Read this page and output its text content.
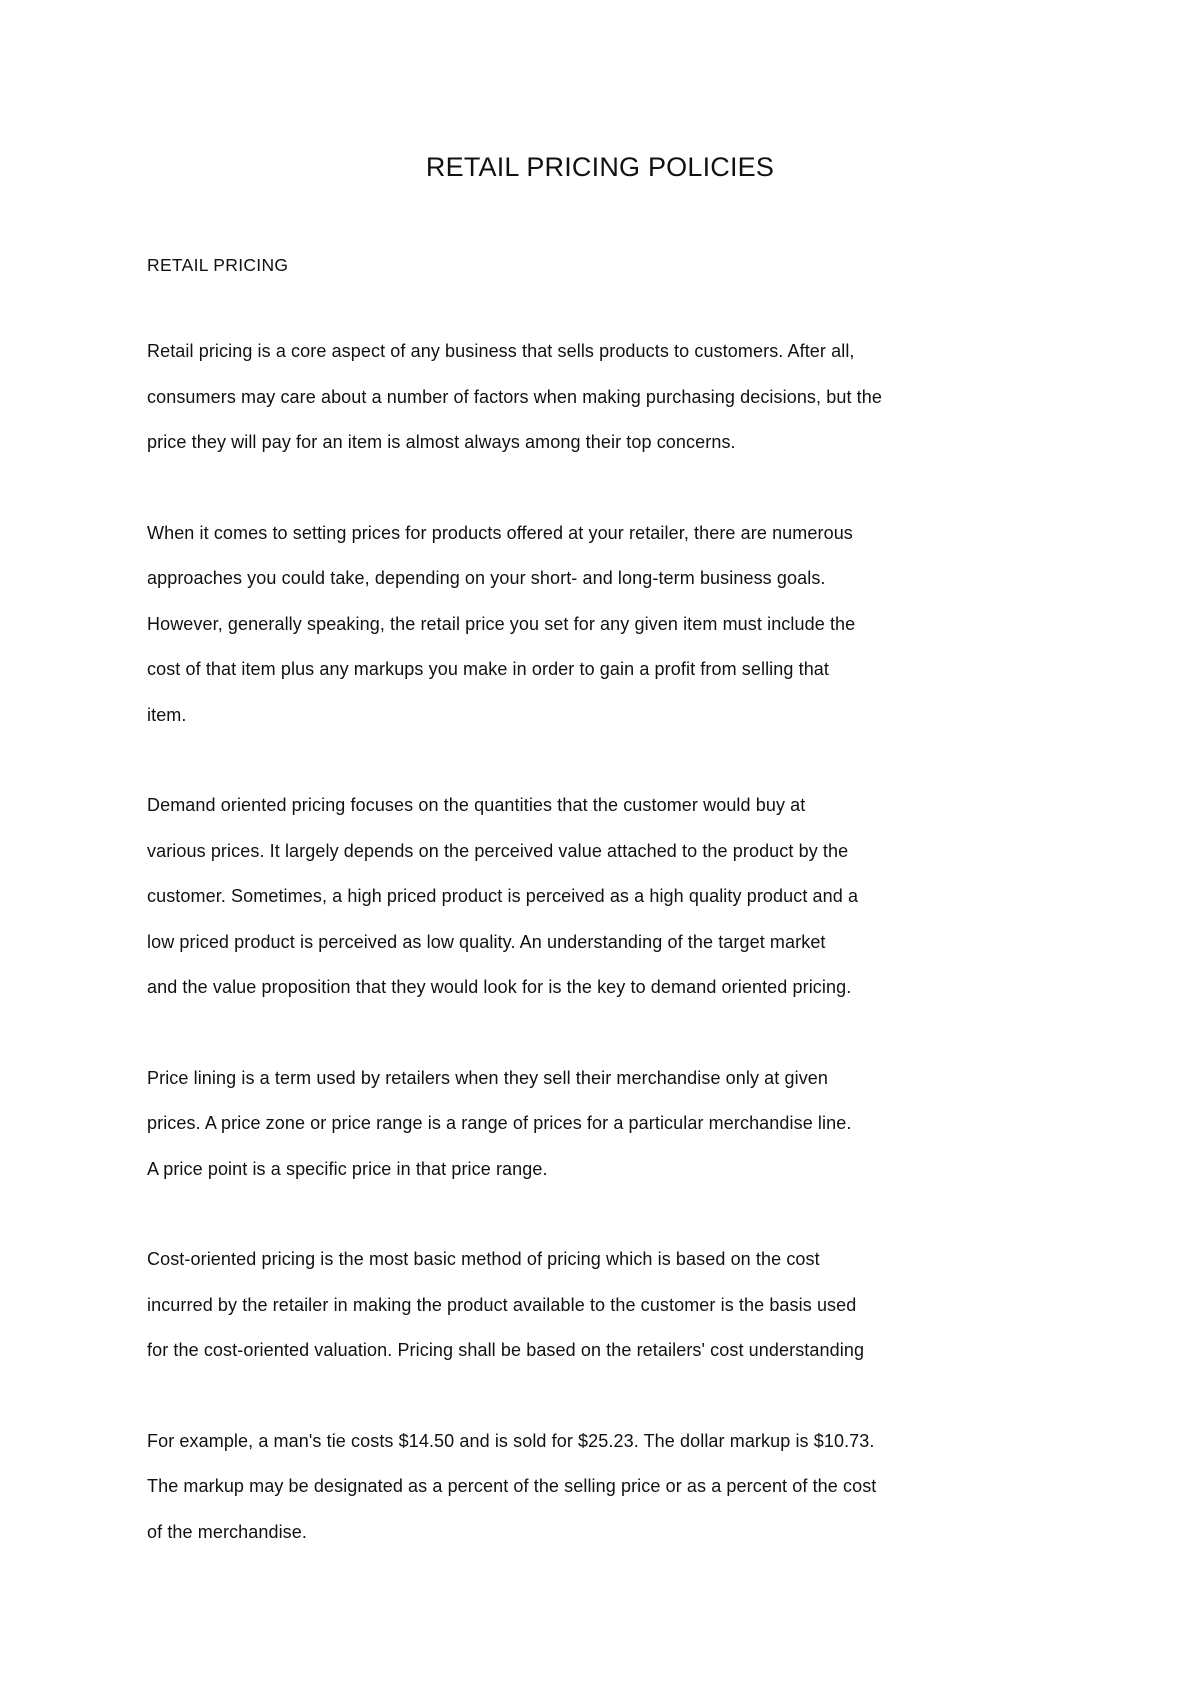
RETAIL PRICING POLICIES
RETAIL PRICING
Retail pricing is a core aspect of any business that sells products to customers. After all,
consumers may care about a number of factors when making purchasing decisions, but the
price they will pay for an item is almost always among their top concerns.
When it comes to setting prices for products offered at your retailer, there are numerous
approaches you could take, depending on your short- and long-term business goals.
However, generally speaking, the retail price you set for any given item must include the
cost of that item plus any markups you make in order to gain a profit from selling that
item.
Demand oriented pricing focuses on the quantities that the customer would buy at
various prices. It largely depends on the perceived value attached to the product by the
customer. Sometimes, a high priced product is perceived as a high quality product and a
low priced product is perceived as low quality. An understanding of the target market
and the value proposition that they would look for is the key to demand oriented pricing.
Price lining is a term used by retailers when they sell their merchandise only at given
prices. A price zone or price range is a range of prices for a particular merchandise line.
A price point is a specific price in that price range.
Cost-oriented pricing is the most basic method of pricing which is based on the cost
incurred by the retailer in making the product available to the customer is the basis used
for the cost-oriented valuation. Pricing shall be based on the retailers' cost understanding
For example, a man's tie costs $14.50 and is sold for $25.23. The dollar markup is $10.73.
The markup may be designated as a percent of the selling price or as a percent of the cost
of the merchandise.
